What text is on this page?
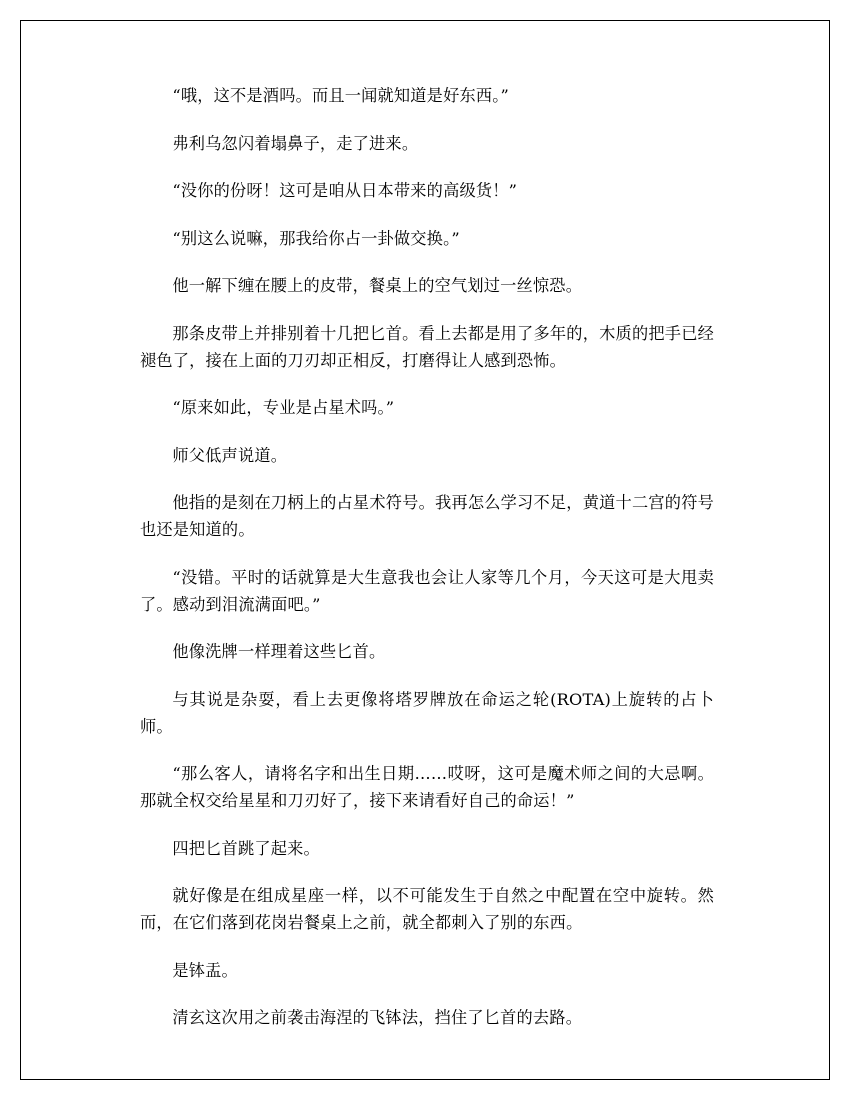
“哦，这不是酒吗。而且一闻就知道是好东西。”

弗利乌忽闪着塌鼻子，走了进来。

“没你的份呀！这可是咱从日本带来的高级货！”

“别这么说嘛，那我给你占一卦做交换。”

他一解下缠在腰上的皮带，餐桌上的空气划过一丝惊恐。

那条皮带上并排别着十几把匕首。看上去都是用了多年的，木质的把手已经褪色了，接在上面的刀刃却正相反，打磨得让人感到恐怖。

“原来如此，专业是占星术吗。”

师父低声说道。

他指的是刻在刀柄上的占星术符号。我再怎么学习不足，黄道十二宫的符号也还是知道的。

“没错。平时的话就算是大生意我也会让人家等几个月，今天这可是大甩卖了。感动到泪流满面吧。”

他像洗牌一样理着这些匕首。

与其说是杂耍，看上去更像将塔罗牌放在命运之轮(ROTA)上旋转的占卜师。

“那么客人，请将名字和出生日期……哎呀，这可是魔术师之间的大忌啊。那就全权交给星星和刀刃好了，接下来请看好自己的命运！”

四把匕首跳了起来。

就好像是在组成星座一样，以不可能发生于自然之中配置在空中旋转。然而，在它们落到花岗岩餐桌上之前，就全都刺入了别的东西。

是钵盂。

清玄这次用之前袭击海涅的飞钵法，挡住了匕首的去路。
